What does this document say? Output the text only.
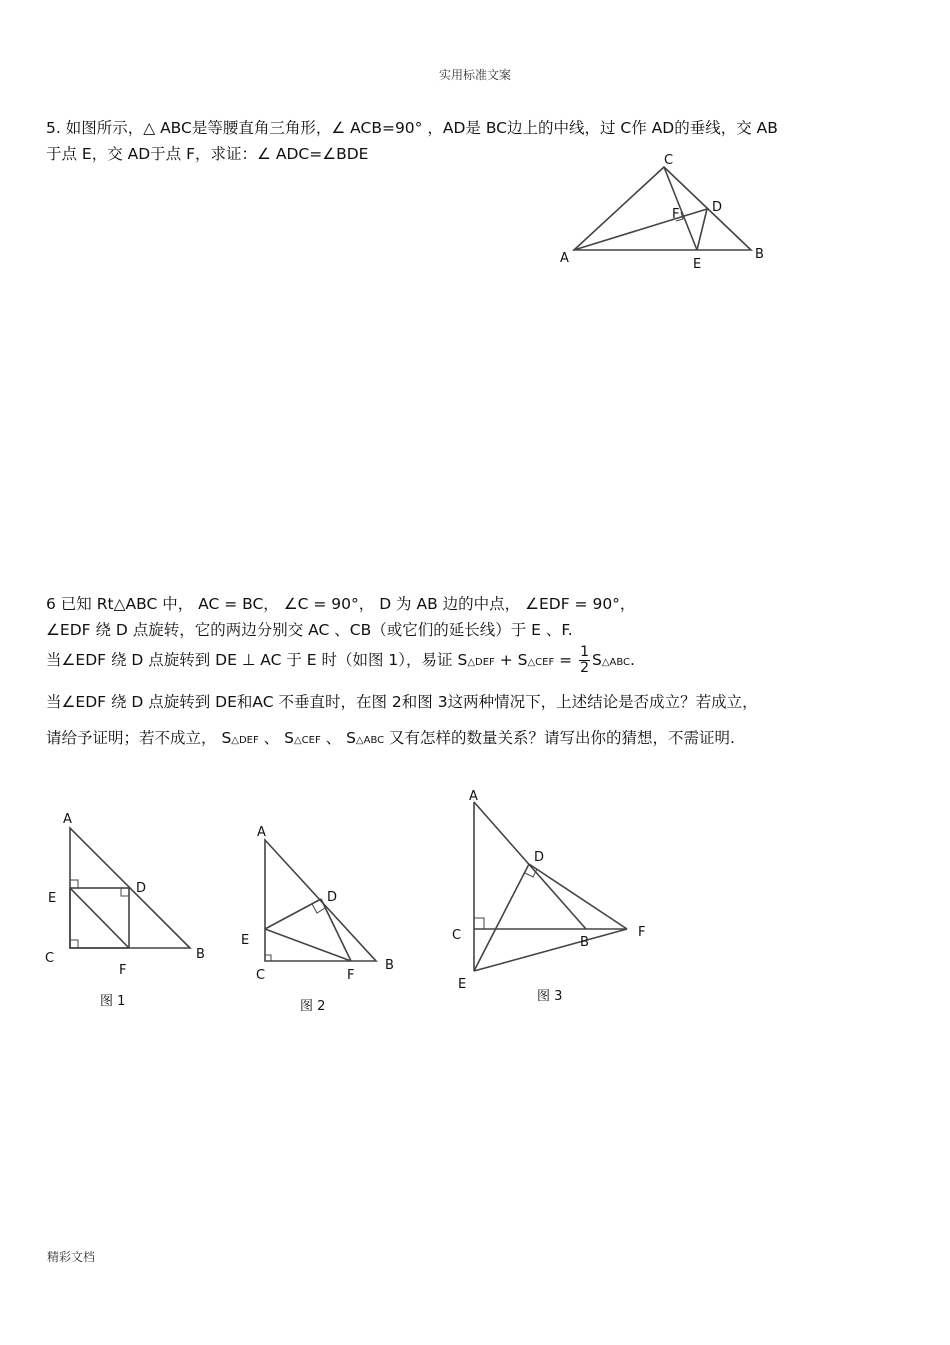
实用标准文案
5. 如图所示，△ ABC是等腰直角三角形，∠ ACB=90° ，AD是 BC边上的中线，过 C作 AD的垂线，交 AB
于点 E，交 AD于点 F，求证：∠ ADC=∠BDE	C
F	D
A	B
E
6 已知 Rt△ABC 中， AC = BC， ∠C = 90°， D 为 AB 边的中点， ∠EDF = 90°，
∠EDF 绕 D 点旋转，它的两边分别交 AC 、CB（或它们的延长线）于 E 、F.
当∠EDF 绕 D 点旋转到 DE ⊥ AC 于 E 时（如图 1），易证 S△DEF + S△CEF = $\frac{1}{2}$ S△ABC.
当∠EDF 绕 D 点旋转到 DE和AC 不垂直时，在图 2和图 3这两种情况下，上述结论是否成立？若成立，
请给予证明；若不成立， S△DEF 、 S△CEF 、 S△ABC 又有怎样的数量关系？请写出你的猜想，不需证明.
A
D
E
C	B
F
图 1
A
D
E
C	F
B
图 2
A
D
C	B
F
E
图 3
精彩文档
